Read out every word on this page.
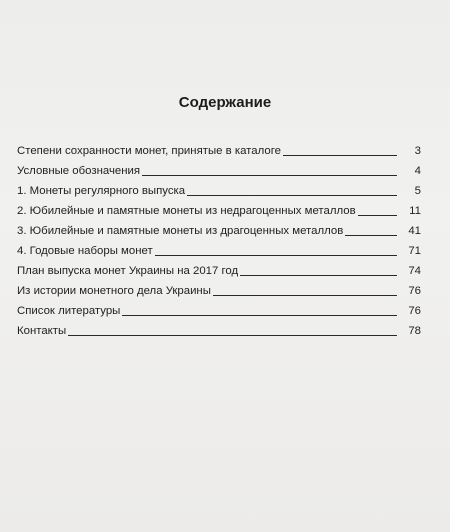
Содержание
Степени сохранности монет, принятые в каталоге	3
Условные обозначения	4
1. Монеты регулярного выпуска	5
2. Юбилейные и памятные монеты из недрагоценных металлов	11
3. Юбилейные и памятные монеты из драгоценных металлов	41
4. Годовые наборы монет	71
План выпуска монет Украины на 2017 год	74
Из истории монетного дела Украины	76
Список литературы	76
Контакты	78
